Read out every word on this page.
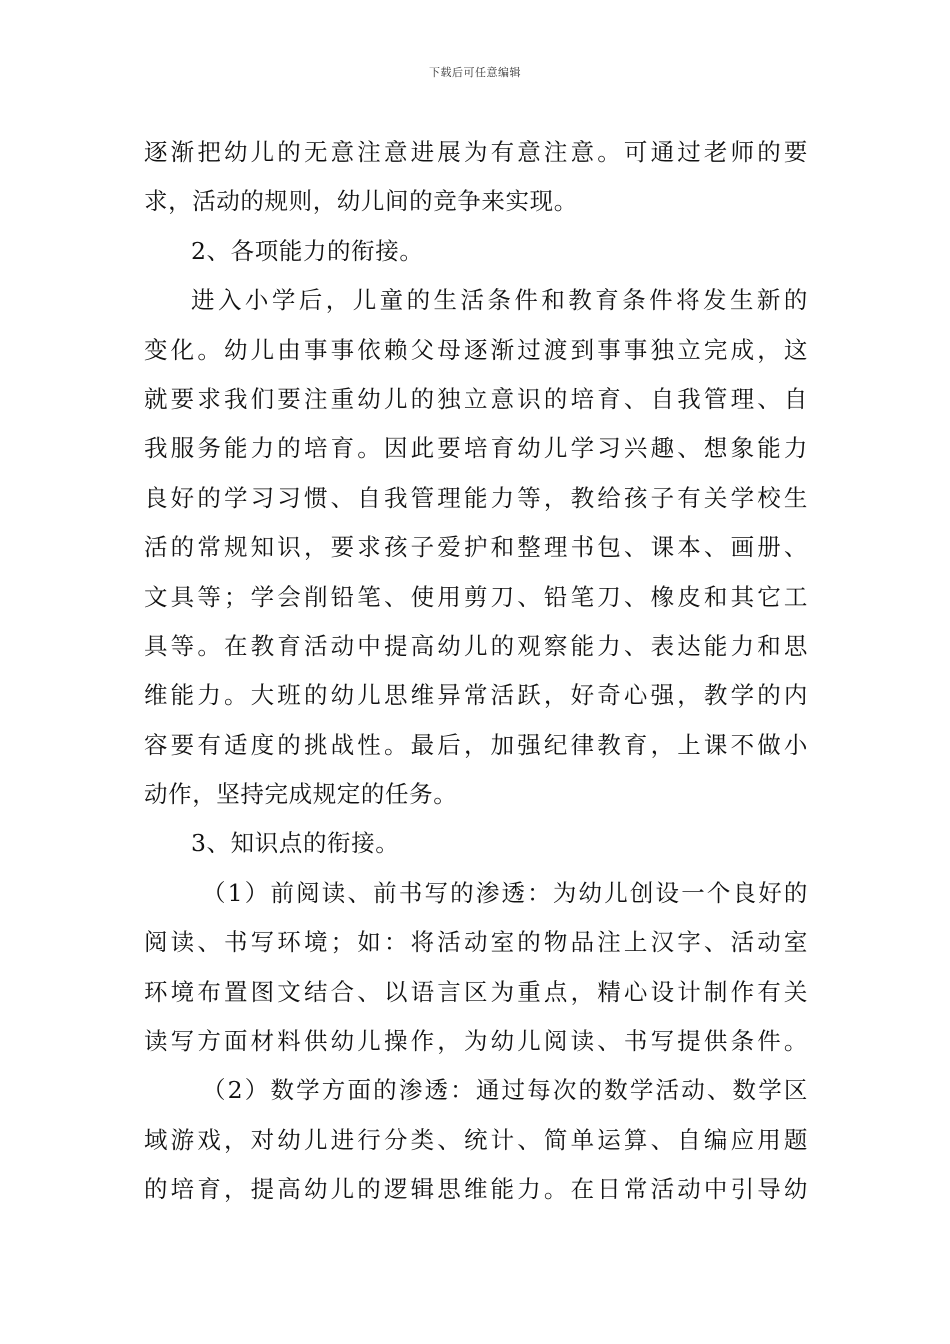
下载后可任意编辑
逐渐把幼儿的无意注意进展为有意注意。可通过老师的要
求，活动的规则，幼儿间的竞争来实现。
2、各项能力的衔接。
进入小学后，儿童的生活条件和教育条件将发生新的
变化。幼儿由事事依赖父母逐渐过渡到事事独立完成，这
就要求我们要注重幼儿的独立意识的培育、自我管理、自
我服务能力的培育。因此要培育幼儿学习兴趣、想象能力
良好的学习习惯、自我管理能力等，教给孩子有关学校生
活的常规知识，要求孩子爱护和整理书包、课本、画册、
文具等；学会削铅笔、使用剪刀、铅笔刀、橡皮和其它工
具等。在教育活动中提高幼儿的观察能力、表达能力和思
维能力。大班的幼儿思维异常活跃，好奇心强，教学的内
容要有适度的挑战性。最后，加强纪律教育，上课不做小
动作，坚持完成规定的任务。
3、知识点的衔接。
（1）前阅读、前书写的渗透：为幼儿创设一个良好的
阅读、书写环境；如：将活动室的物品注上汉字、活动室
环境布置图文结合、以语言区为重点，精心设计制作有关
读写方面材料供幼儿操作，为幼儿阅读、书写提供条件。
（2）数学方面的渗透：通过每次的数学活动、数学区
域游戏，对幼儿进行分类、统计、简单运算、自编应用题
的培育，提高幼儿的逻辑思维能力。在日常活动中引导幼
